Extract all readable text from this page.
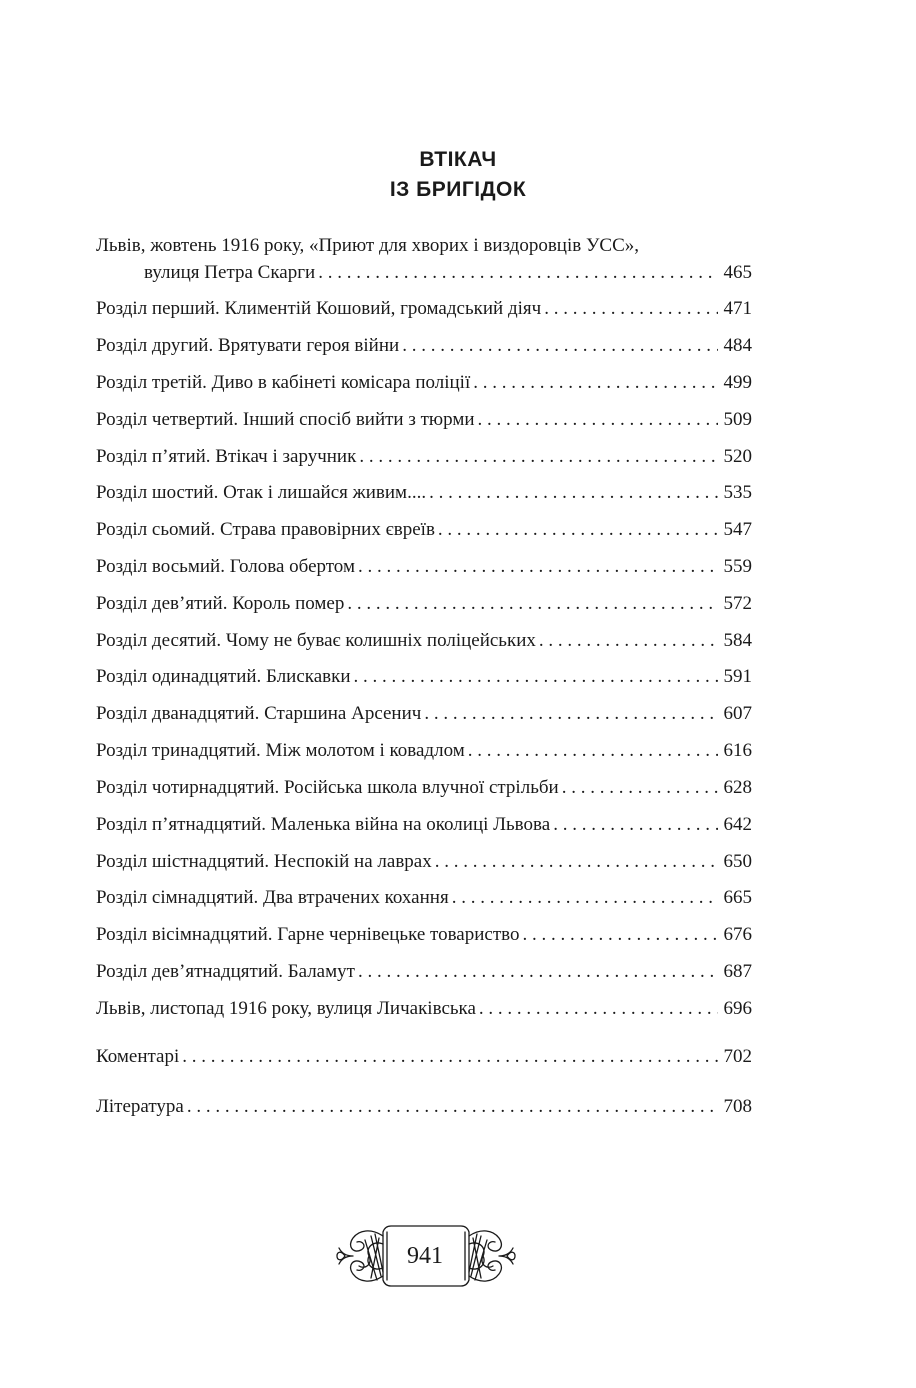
ВТІКАЧ
ІЗ БРИГІДОК
Львів, жовтень 1916 року, «Приют для хворих і виздоровців УСС»,
вулиця Петра Скарги . . .	465
Розділ перший. Климентій Кошовий, громадський діяч . . .	471
Розділ другий. Врятувати героя війни . . .	484
Розділ третій. Диво в кабінеті комісара поліції . . .	499
Розділ четвертий. Інший спосіб вийти з тюрми . . .	509
Розділ п’ятий. Втікач і заручник . . .	520
Розділ шостий. Отак і лишайся живим.... . . .	535
Розділ сьомий. Страва правовірних євреїв . . .	547
Розділ восьмий. Голова обертом . . .	559
Розділ дев’ятий. Король помер . . .	572
Розділ десятий. Чому не буває колишніх поліцейських . . .	584
Розділ одинадцятий. Блискавки . . .	591
Розділ дванадцятий. Старшина Арсенич . . .	607
Розділ тринадцятий. Між молотом і ковадлом . . .	616
Розділ чотирнадцятий. Російська школа влучної стрільби . . .	628
Розділ п’ятнадцятий. Маленька війна на околиці Львова . . .	642
Розділ шістнадцятий. Неспокій на лаврах . . .	650
Розділ сімнадцятий. Два втрачених кохання . . .	665
Розділ вісімнадцятий. Гарне чернівецьке товариство . . .	676
Розділ дев’ятнадцятий. Баламут . . .	687
Львів, листопад 1916 року, вулиця Личаківська . . .	696
Коментарі . . .	702
Література . . .	708
941
